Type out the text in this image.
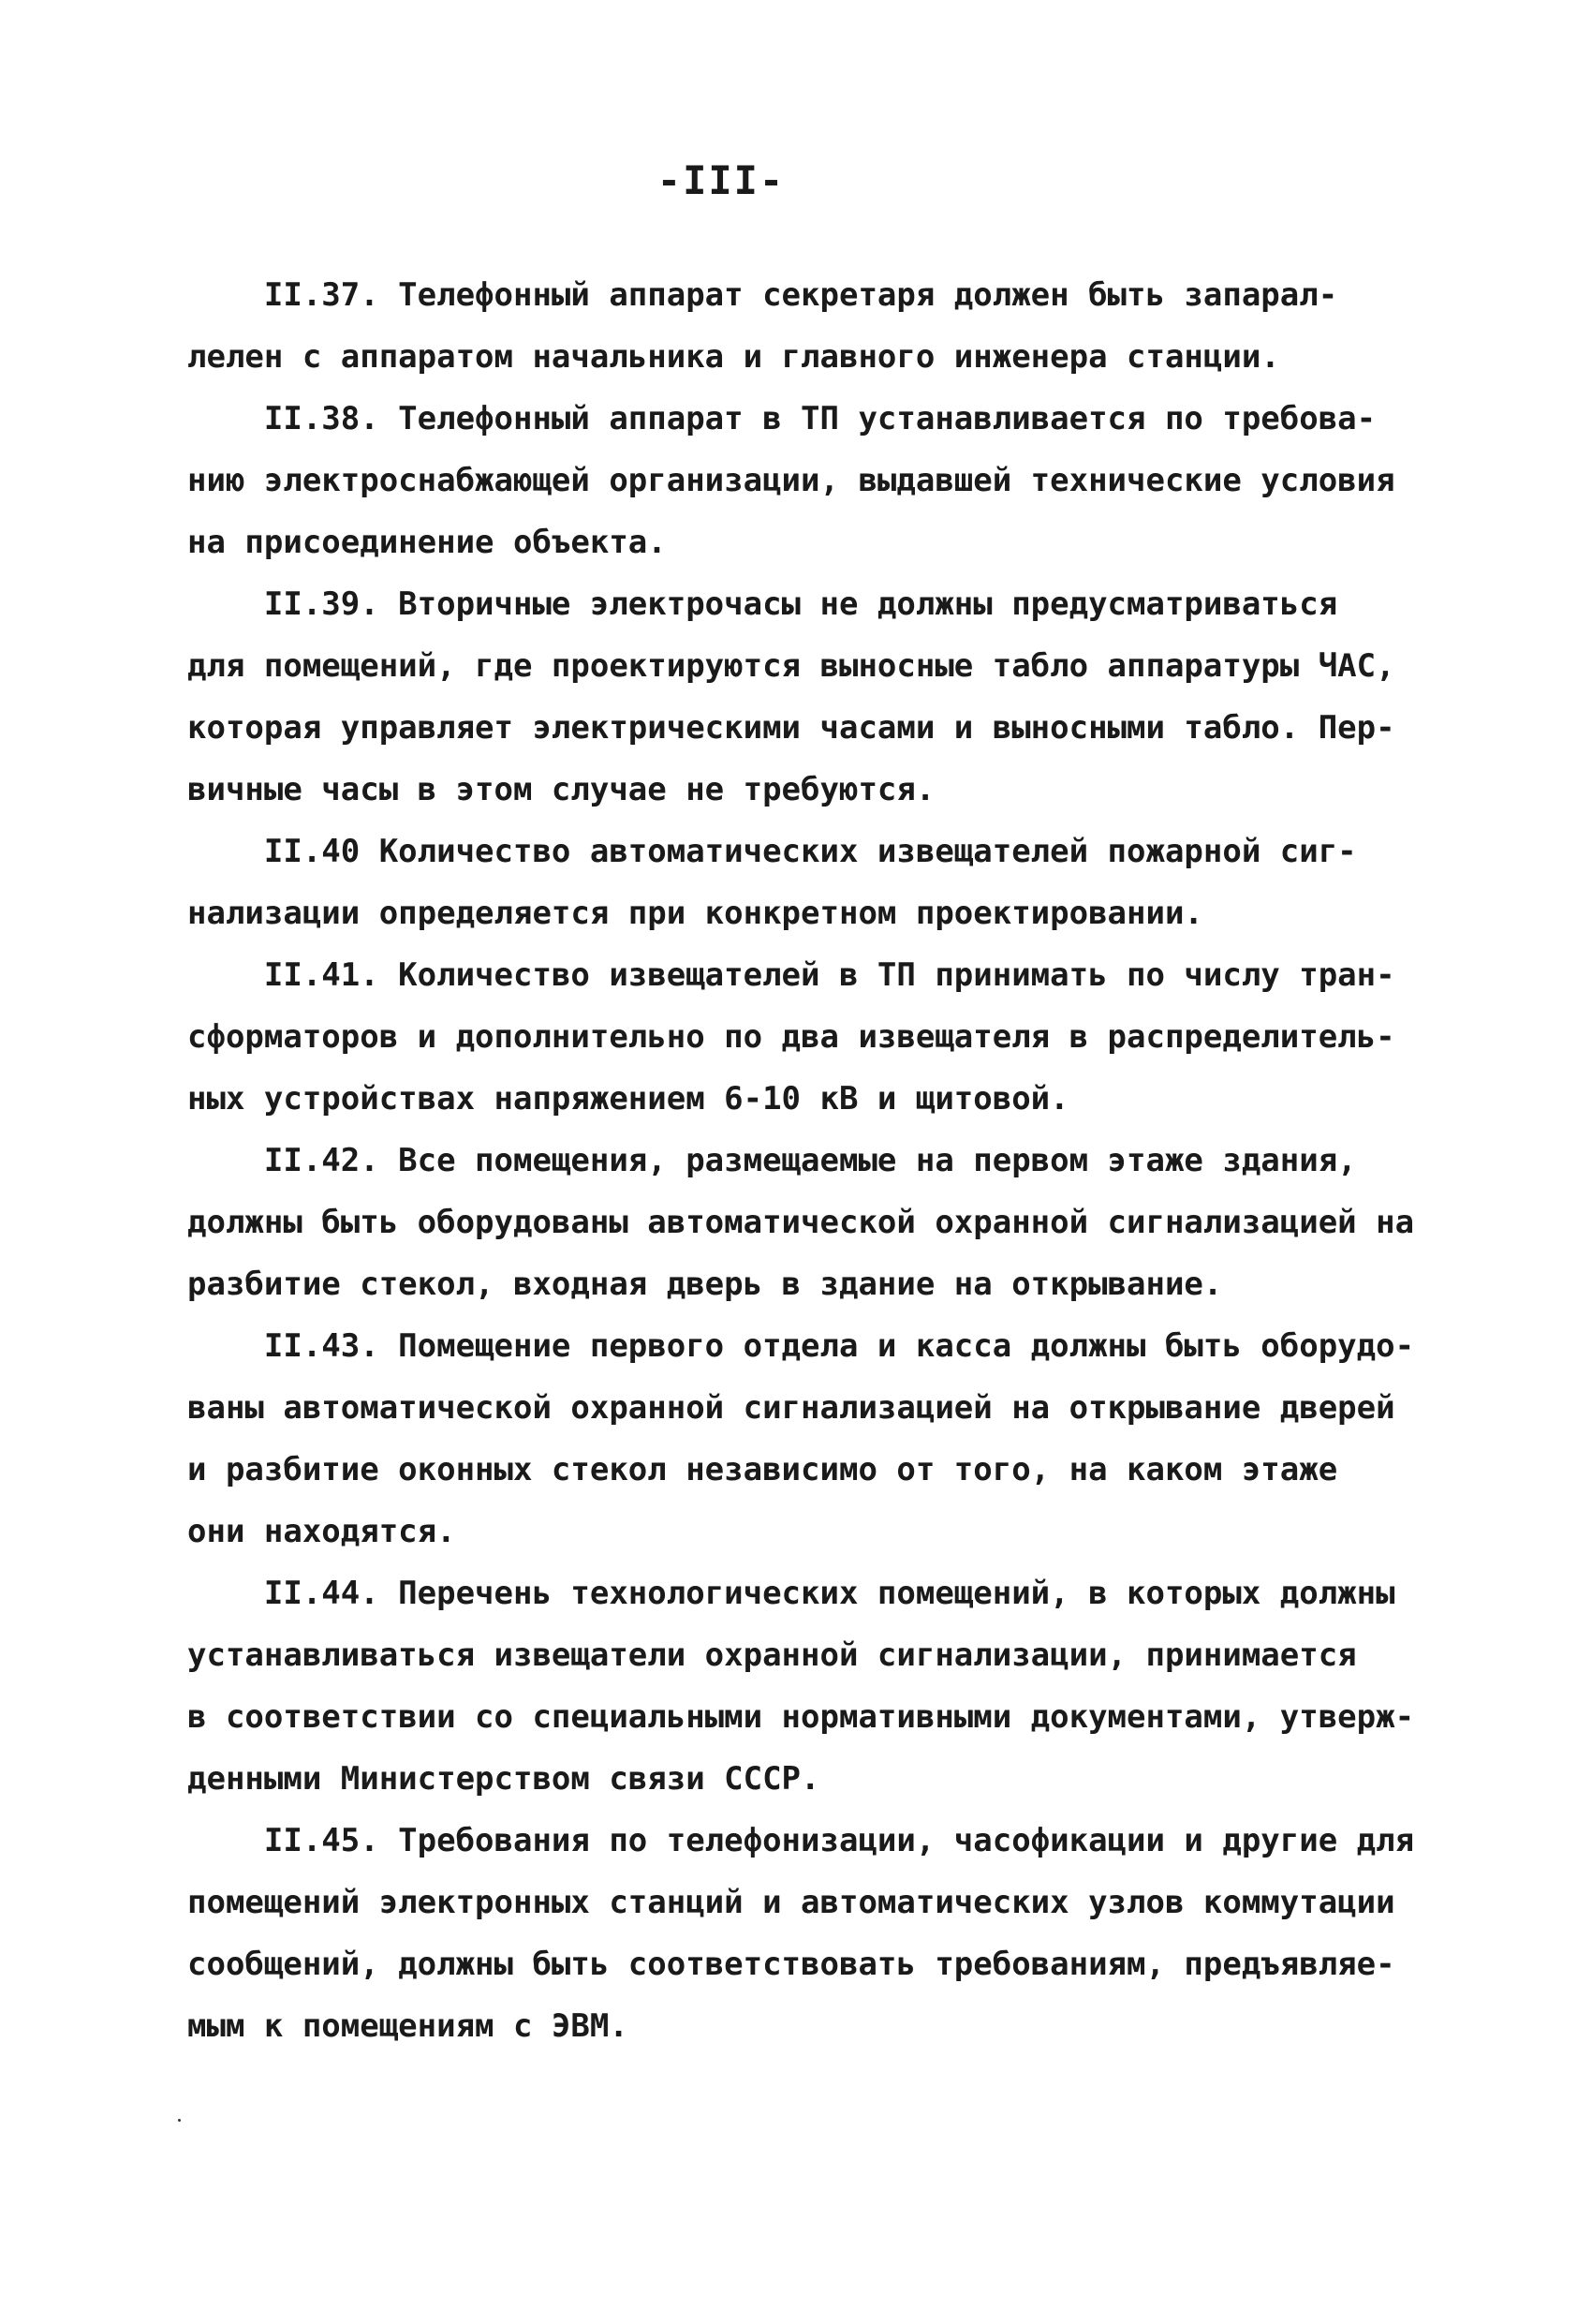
-III-
II.37. Телефонный аппарат секретаря должен быть запарал-
лелен с аппаратом начальника и главного инженера станции.
II.38. Телефонный аппарат в ТП устанавливается по требова-
нию электроснабжающей организации, выдавшей технические условия
на присоединение объекта.
II.39. Вторичные электрочасы не должны предусматриваться
для помещений, где проектируются выносные табло аппаратуры ЧАС,
которая управляет электрическими часами и выносными табло. Пер-
вичные часы в этом случае не требуются.
II.40 Количество автоматических извещателей пожарной сиг-
нализации определяется при конкретном проектировании.
II.41. Количество извещателей в ТП принимать по числу тран-
сформаторов и дополнительно по два извещателя в распределитель-
ных устройствах напряжением 6-10 кВ и щитовой.
II.42. Все помещения, размещаемые на первом этаже здания,
должны быть оборудованы автоматической охранной сигнализацией на
разбитие стекол, входная дверь в здание на открывание.
II.43. Помещение первого отдела и касса должны быть оборудо-
ваны автоматической охранной сигнализацией на открывание дверей
и разбитие оконных стекол независимо от того, на каком этаже
они находятся.
II.44. Перечень технологических помещений, в которых должны
устанавливаться извещатели охранной сигнализации, принимается
в соответствии со специальными нормативными документами, утверж-
денными Министерством связи СССР.
II.45. Требования по телефонизации, часофикации и другие для
помещений электронных станций и автоматических узлов коммутации
сообщений, должны быть соответствовать требованиям, предъявляе-
мым к помещениям с ЭВМ.
